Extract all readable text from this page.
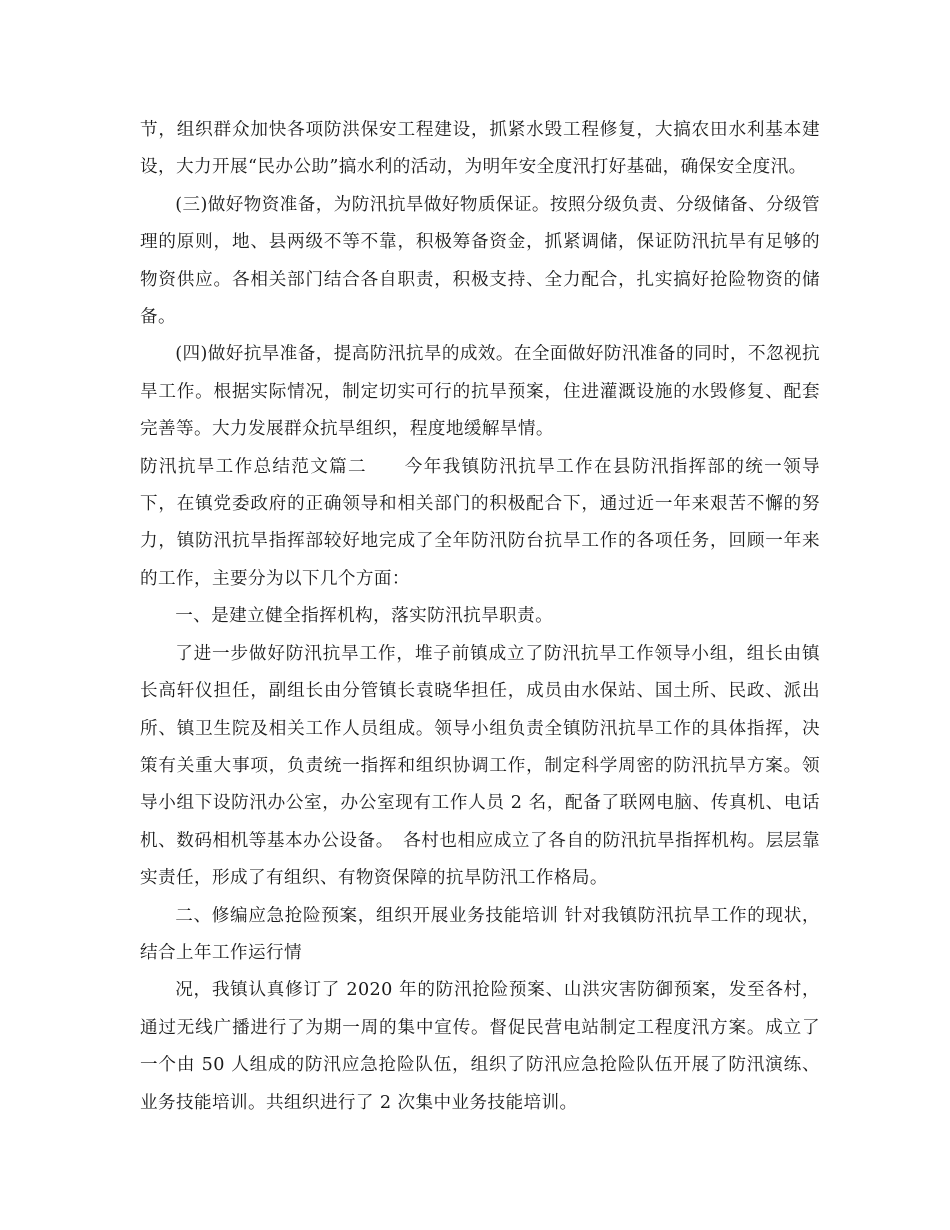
节，组织群众加快各项防洪保安工程建设，抓紧水毁工程修复，大搞农田水利基本建设，大力开展“民办公助”搞水利的活动，为明年安全度汛打好基础，确保安全度汛。

(三)做好物资准备，为防汛抗旱做好物质保证。按照分级负责、分级储备、分级管理的原则，地、县两级不等不靠，积极筹备资金，抓紧调储，保证防汛抗旱有足够的物资供应。各相关部门结合各自职责，积极支持、全力配合，扎实搞好抢险物资的储备。

(四)做好抗旱准备，提高防汛抗旱的成效。在全面做好防汛准备的同时，不忽视抗旱工作。根据实际情况，制定切实可行的抗旱预案，住进灌溉设施的水毁修复、配套完善等。大力发展群众抗旱组织，程度地缓解旱情。

防汛抗旱工作总结范文篇二　　今年我镇防汛抗旱工作在县防汛指挥部的统一领导下，在镇党委政府的正确领导和相关部门的积极配合下，通过近一年来艰苦不懈的努力，镇防汛抗旱指挥部较好地完成了全年防汛防台抗旱工作的各项任务，回顾一年来的工作，主要分为以下几个方面：

一、是建立健全指挥机构，落实防汛抗旱职责。

了进一步做好防汛抗旱工作，堆子前镇成立了防汛抗旱工作领导小组，组长由镇长高轩仪担任，副组长由分管镇长袁晓华担任，成员由水保站、国土所、民政、派出所、镇卫生院及相关工作人员组成。领导小组负责全镇防汛抗旱工作的具体指挥，决策有关重大事项，负责统一指挥和组织协调工作，制定科学周密的防汛抗旱方案。领导小组下设防汛办公室，办公室现有工作人员 2 名，配备了联网电脑、传真机、电话机、数码相机等基本办公设备。　各村也相应成立了各自的防汛抗旱指挥机构。层层靠实责任，形成了有组织、有物资保障的抗旱防汛工作格局。

二、修编应急抢险预案，组织开展业务技能培训 针对我镇防汛抗旱工作的现状，结合上年工作运行情

况，我镇认真修订了 2020 年的防汛抢险预案、山洪灾害防御预案，发至各村，通过无线广播进行了为期一周的集中宣传。督促民营电站制定工程度汛方案。成立了一个由 50 人组成的防汛应急抢险队伍，组织了防汛应急抢险队伍开展了防汛演练、业务技能培训。共组织进行了 2 次集中业务技能培训。
